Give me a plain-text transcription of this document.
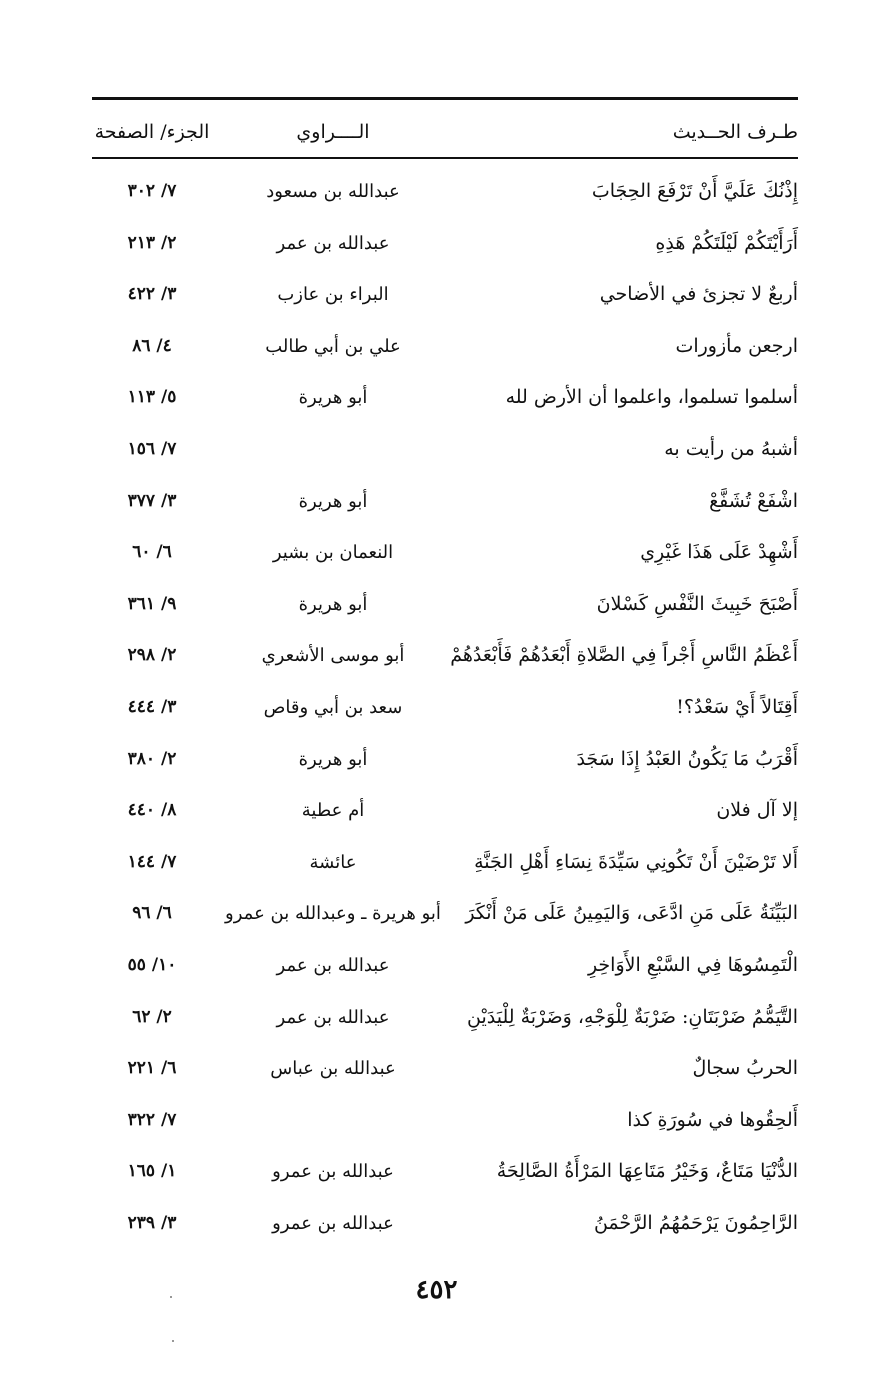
طـرف الحــديث
الــــراوي
الجزء/ الصفحة
إِذْنُكَ عَلَيَّ أَنْ تَرْفَعَ الحِجَابَ
عبدالله بن مسعود
٧/ ٣٠٢
أَرَأَيْتَكُمْ لَيْلَتَكُمْ هَذِهِ
عبدالله بن عمر
٢/ ٢١٣
أربعٌ لا تجزئ في الأضاحي
البراء بن عازب
٣/ ٤٢٢
ارجعن مأزورات
علي بن أبي طالب
٤/ ٨٦
أسلموا تسلموا، واعلموا أن الأرض لله
أبو هريرة
٥/ ١١٣
أشبهُ من رأيت به
٧/ ١٥٦
اشْفَعْ تُشَفَّعْ
أبو هريرة
٣/ ٣٧٧
أَشْهِدْ عَلَى هَذَا غَيْرِي
النعمان بن بشير
٦/ ٦٠
أَصْبَحَ خَبِيثَ النَّفْسِ كَسْلانَ
أبو هريرة
٩/ ٣٦١
أَعْظَمُ النَّاسِ أَجْراً فِي الصَّلاةِ أَبْعَدُهُمْ فَأَبْعَدُهُمْ
أبو موسى الأشعري
٢/ ٢٩٨
أَقِتَالاً أَيْ سَعْدُ؟!
سعد بن أبي وقاص
٣/ ٤٤٤
أَقْرَبُ مَا يَكُونُ العَبْدُ إِذَا سَجَدَ
أبو هريرة
٢/ ٣٨٠
إلا آل فلان
أم عطية
٨/ ٤٤٠
أَلا تَرْضَيْنَ أَنْ تَكُونِي سَيِّدَةَ نِسَاءِ أَهْلِ الجَنَّةِ
عائشة
٧/ ١٤٤
البَيِّنَةُ عَلَى مَنِ ادَّعَى، وَاليَمِينُ عَلَى مَنْ أَنْكَرَ
أبو هريرة ـ وعبدالله بن عمرو
٦/ ٩٦
الْتَمِسُوهَا فِي السَّبْعِ الأَوَاخِرِ
عبدالله بن عمر
١٠/ ٥٥
التَّيَمُّمُ ضَرْبَتَانِ: ضَرْبَةٌ لِلْوَجْهِ، وَضَرْبَةٌ لِلْيَدَيْنِ
عبدالله بن عمر
٢/ ٦٢
الحربُ سجالٌ
عبدالله بن عباس
٦/ ٢٢١
أَلحِقُوها في سُورَةِ كذا
٧/ ٣٢٢
الدُّنْيَا مَتَاعٌ، وَخَيْرُ مَتَاعِهَا المَرْأَةُ الصَّالِحَةُ
عبدالله بن عمرو
١/ ١٦٥
الرَّاحِمُونَ يَرْحَمُهُمُ الرَّحْمَنُ
عبدالله بن عمرو
٣/ ٢٣٩
٤٥٢
